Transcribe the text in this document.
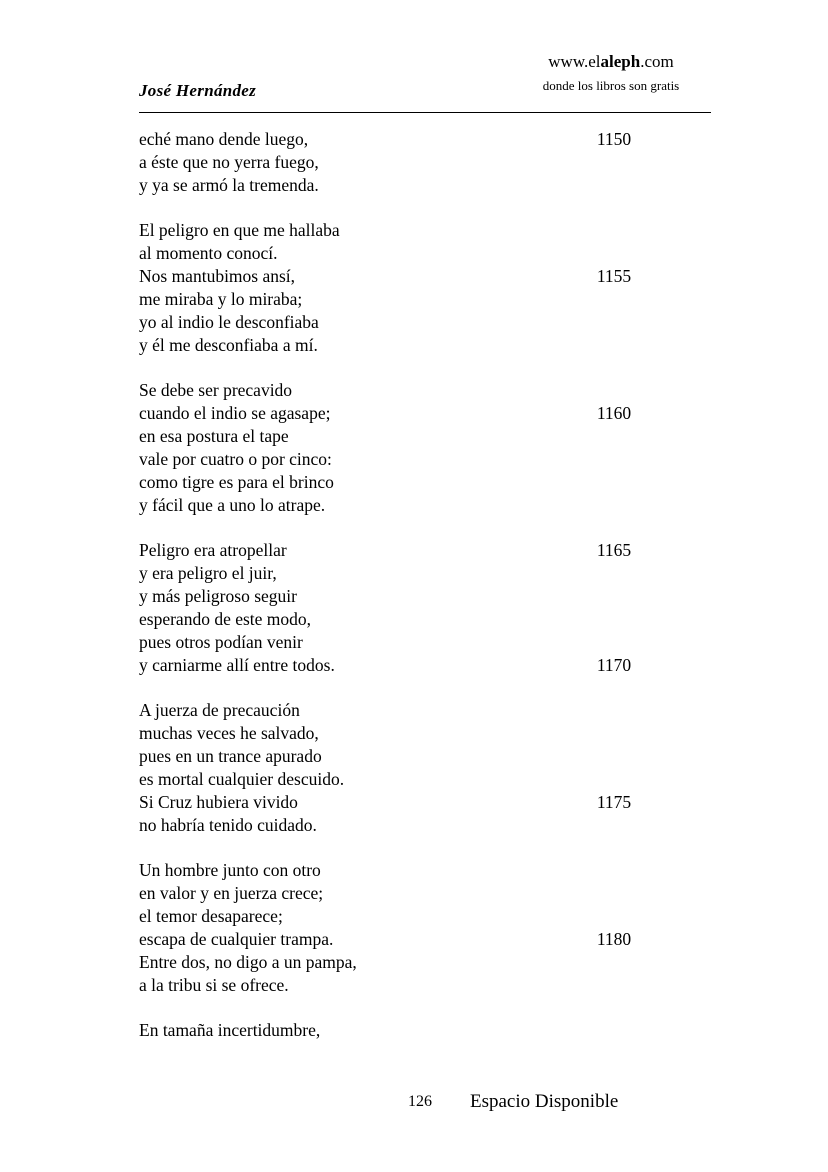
José Hernández
www.elaleph.com
donde los libros son gratis
eché mano dende luego,	1150
a éste que no yerra fuego,
y ya se armó la tremenda.
El peligro en que me hallaba
al momento conocí.
Nos mantubimos ansí,	1155
me miraba y lo miraba;
yo al indio le desconfiaba
y él me desconfiaba a mí.
Se debe ser precavido
cuando el indio se agasape;	1160
en esa postura el tape
vale por cuatro o por cinco:
como tigre es para el brinco
y fácil que a uno lo atrape.
Peligro era atropellar	1165
y era peligro el juir,
y más peligroso seguir
esperando de este modo,
pues otros podían venir
y carniarme allí entre todos.	1170
A juerza de precaución
muchas veces he salvado,
pues en un trance apurado
es mortal cualquier descuido.
Si Cruz hubiera vivido	1175
no habría tenido cuidado.
Un hombre junto con otro
en valor y en juerza crece;
el temor desaparece;
escapa de cualquier trampa.	1180
Entre dos, no digo a un pampa,
a la tribu si se ofrece.
En tamaña incertidumbre,
126	Espacio Disponible
